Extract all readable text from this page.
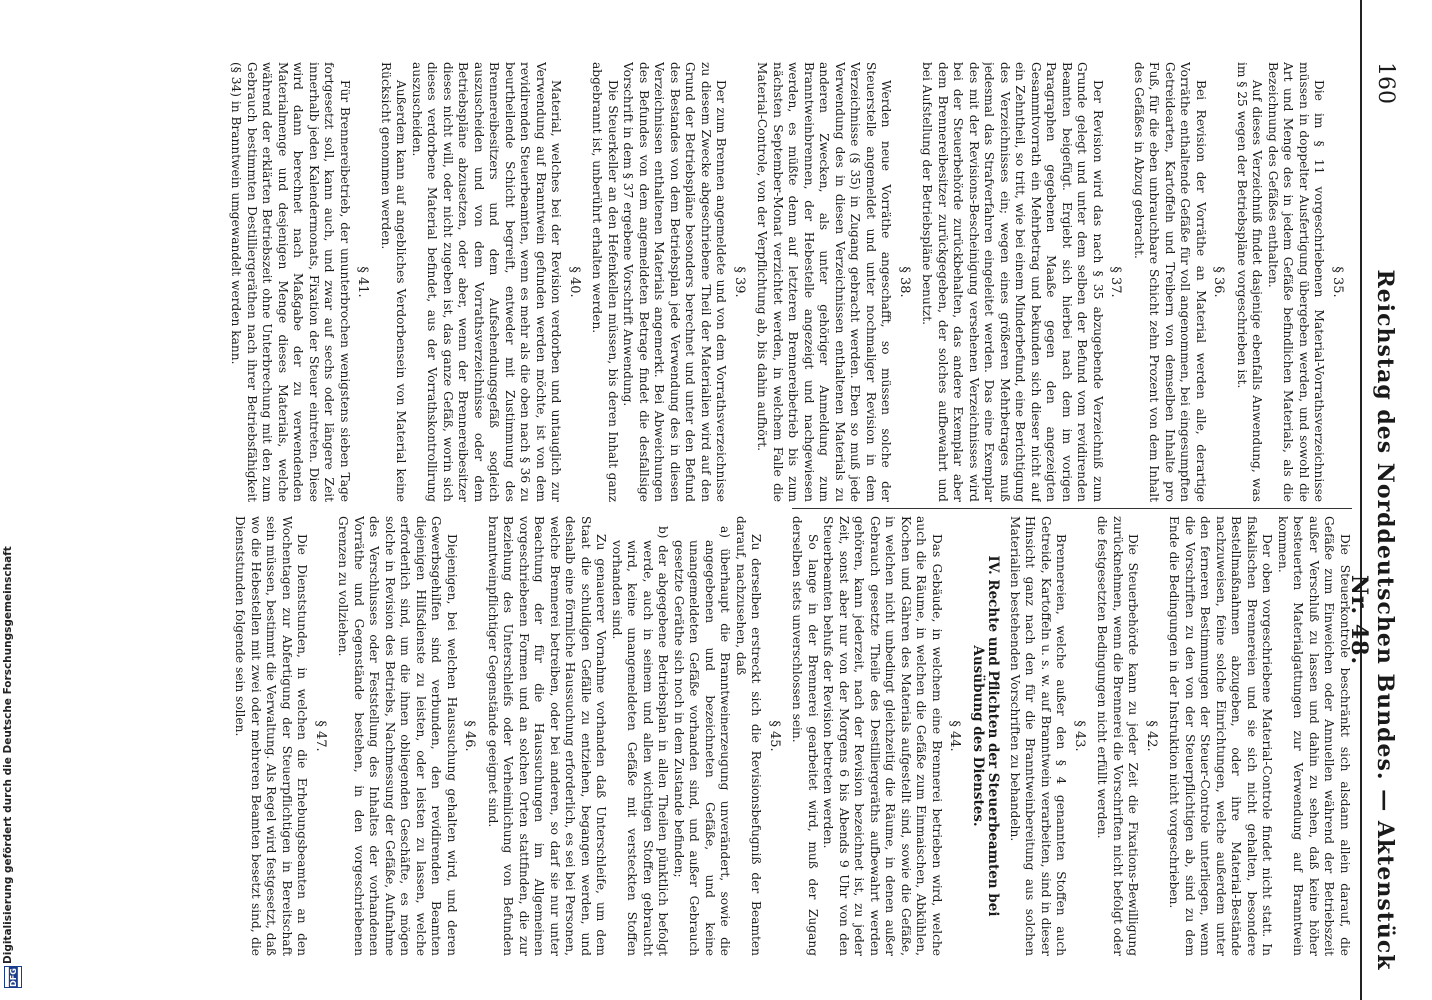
160
Reichstag des Norddeutschen Bundes. — Aktenstück Nr. 48.
§ 35.

Die im § 11 vorgeschriebenen Material-Vorrathsverzeichnisse müssen in doppelter Ausfertigung übergeben werden, und sowohl die Art und Menge des in jedem Gefäße befindlichen Materials, als die Bezeichnung des Gefäßes enthalten.

Auf dieses Verzeichniß findet dasjenige ebenfalls Anwendung, was im § 25 wegen der Betriebspläne vorgeschrieben ist.

§ 36.

Bei Revision der Vorräthe an Material werden alle, derartige Vorräthe enthaltende Gefäße für voll angenommen, bei eingesumpften Getreidearten, Kartoffeln und Treibern von demselben Inhalte pro Fuß, für die eben unbrauchbare Schicht zehn Prozent von dem Inhalt des Gefäßes in Abzug gebracht.

§ 37.

Der Revision wird das nach § 35 abzugebende Verzeichniß zum Grunde gelegt und unter dem selben der Befund vom revidirenden Beamten beigefügt. Ergiebt sich hierbei nach dem im vorigen Paragraphen gegebenen Maaße gegen den angezeigten Gesammtvorrath ein Mehrbetrag und bekunden sich dieser nicht auf ein Zehntheil, so tritt, wie bei einem Minderbefund, eine Berichtigung des Verzeichnisses ein; wegen eines größeren Mehrbetrages muß jedesmal das Strafverfahren eingeleitet werden. Das eine Exemplar des mit der Revisions-Bescheinigung versehenen Verzeichnisses wird bei der Steuerbehörde zurückbehalten, das andere Exemplar aber dem Brennereibesitzer zurückgegeben, der solches aufbewahrt und bei Aufstellung der Betriebspläne benutzt.

§ 38.

Werden neue Vorräthe angeschafft, so müssen solche der Steuerstelle angemeldet und unter nochmaliger Revision in dem Verzeichnisse (§ 35) in Zugang gebracht werden. Eben so muß jede Verwendung des in diesen Verzeichnissen enthaltenen Materials zu anderen Zwecken, als unter gehöriger Anmeldung zum Branntweinbrennen, der Hebestelle angezeigt und nachgewiesen werden, es müßte denn auf letzteren Brennereibetrieb bis zum nächsten September-Monat verzichtet werden, in welchem Falle die Material-Controle, von der Verpflichtung ab, bis dahin aufhört.

§ 39.

Der zum Brennen angemeldete und von dem Vorrathsverzeichnisse zu diesem Zwecke abgeschriebene Theil der Materialien wird auf den Grund der Betriebspläne besonders berechnet und unter den Befund des Bestandes von dem Betriebsplan jede Verwendung des in diesen Verzeichnissen enthaltenen Materials angemerkt. Bei Abweichungen des Befundes von dem angemeldeten Betrage findet die desfallsige Vorschrift in dem § 37 ergebene Vorschrift Anwendung.

Die Steuerkeller an den Hefenkellen müssen, bis deren Inhalt ganz abgebrannt ist, unberührt erhalten werden.

§ 40.

Material, welches bei der Revision verdorben und untauglich zur Verwendung auf Branntwein gefunden werden möchte, ist von dem revidirenden Steuerbeamten, wenn es mehr als die oben nach § 36 zu beurtheilende Schicht begreift, entweder mit Zustimmung des Brennereibesitzers und dem Aufsehendungsgefäß sogleich auszuscheiden und von dem Vorrathsverzeichnisse oder dem Betriebspläne abzusetzen, oder aber, wenn der Brennereibesitzer dieses nicht will, oder nicht zugeben ist, das ganze Gefäß, worin sich dieses verdorbene Material befindet, aus der Vorrathskontrollirung auszuscheiden.

Außerdem kann auf angebliches Verdorbensein von Material keine Rücksicht genommen werden.

§ 41.

Für Brennereibetrieb, der ununterbrochen wenigstens sieben Tage fortgesetzt soll, kann auch, und zwar auf sechs oder längere Zeit innerhalb jeden Kalendermonats, Fixation der Steuer eintreten. Diese wird dann berechnet nach Maßgabe der zu verwendenden Materialmenge und desjenigen Menge dieses Materials, welche während der erklärten Betriebszeit ohne Unterbrechung mit den zum Gebrauch bestimmten Destilliergeräthen nach ihrer Betriebsfähigkeit (§ 34) in Branntwein umgewandelt werden kann.

Die Steuerkontrole beschränkt sich alsdann allein darauf, die Gefäße zum Einweichen oder Annuellen während der Betriebszeit außer Verschluß zu lassen und dahin zu sehen, daß keine höher besteuerten Materialgattungen zur Verwendung auf Branntwein kommen.

Der oben vorgeschriebene Material-Controle findet nicht statt. In fiskalischen Brennereien und sie sich nicht gehalten, besondere Bestellmaßnahmen abzugeben, oder ihre Material-Bestände nachzuweisen, feine solche Einrichtungen, welche außerdem unter den ferneren Bestimmungen der Steuer-Controle unterliegen, wenn die Vorschriften zu den von der Steuerpflichtigen ab, sind zu dem Ende die Bedingungen in der Instruktion nicht vorgeschrieben.

§ 42.

Die Steuerbehörde kann zu jeder Zeit die Fixations-Bewilligung zurücknehmen, wenn die Brennerei die Vorschriften nicht befolgt oder die festgesetzten Bedingungen nicht erfüllt werden.

§ 43.

Brennereien, welche außer den § 4 genannten Stoffen auch Getreide, Kartoffeln u. s. w. auf Branntwein verarbeiten, sind in dieser Hinsicht ganz nach den für die Branntweinbereitung aus solchen Materialien bestehenden Vorschriften zu behandeln.

IV. Rechte und Pflichten der Steuerbeamten bei Ausübung des Dienstes.
§ 44.

Das Gebäude, in welchem eine Brennerei betrieben wird, welche auch die Räume, in welchen die Gefäße zum Einmaischen, Abkühlen, Kochen und Gähren des Materials aufgestellt sind, sowie die Gefäße, in welchen nicht unbedingt gleichzeitig die Räume, in denen außer Gebrauch gesetzte Theile des Destilliergeräths aufbewahrt werden gehören, kann jederzeit, nach der Revision bezeichnet ist, zu jeder Zeit, sonst aber nur von der Morgens 6 bis Abends 9 Uhr von den Steuerbeamten behufs der Revision betreten werden.

So lange in der Brennerei gearbeitet wird, muß der Zugang derselben stets unverschlossen sein.

§ 45.

Zu derselben erstreckt sich die Revisionsbefugniß der Beamten darauf, nachzusehen, daß

a) überhaupt die Branntweinerzeugung unverändert, sowie die angegebenen und bezeichneten Gefäße, und keine unangemeldeten Gefäße vorhanden sind, und außer Gebrauch gesetzte Geräthe sich noch in dem Zustande befinden;

b) der abgegebene Betriebsplan in allen Theilen pünktlich befolgt werde, auch in seinem und allen wichtigen Stoffen gebraucht wird, keine unangemeldeten Gefäße mit versteckten Stoffen vorhanden sind.

Zu genauerer Vornahme vorhanden daß Unterschleife, um dem Staat die schuldigen Gefälle zu entziehen, begangen werden, und deshalb eine förmliche Haussuchung erforderlich, es sei bei Personen, welche Brennerei betreiben, oder bei anderen, so darf sie nur unter Beachtung der für die Haussuchungen im Allgemeinen vorgeschriebenen Formen und an solchen Orten stattfinden, die zur Beziehung des Unterschleifs oder Verheimlichung von Befunden branntweinpflichtiger Gegenstände geeignet sind.

§ 46.

Diejenigen, bei welchen Haussuchung gehalten wird, und deren Gewerbsgehilfen sind verbunden, den revidirenden Beamten diejenigen Hilfsdienste zu leisten, oder leisten zu lassen, welche erforderlich sind, um die ihnen obliegenden Geschäfte, es mögen solche in Revision des Betriebs, Nachmessung der Gefäße, Aufnahme des Verschlusses oder Feststellung des Inhaltes der vorhandenen Vorräthe und Gegenstände bestehen, in den vorgeschriebenen Grenzen zu vollziehen.

§ 47.

Die Dienststunden, in welchen die Erhebungsbeamten an den Wochentagen zur Abfertigung der Steuerpflichtigen in Bereitschaft sein müssen, bestimmt die Verwaltung. Als Regel wird festgesetzt, daß wo die Hebestellen mit zwei oder mehreren Beamten besetzt sind, die Dienststunden folgende sein sollen.

Digitalisierung gefördert durch die Deutsche Forschungsgemeinschaft
DFG
